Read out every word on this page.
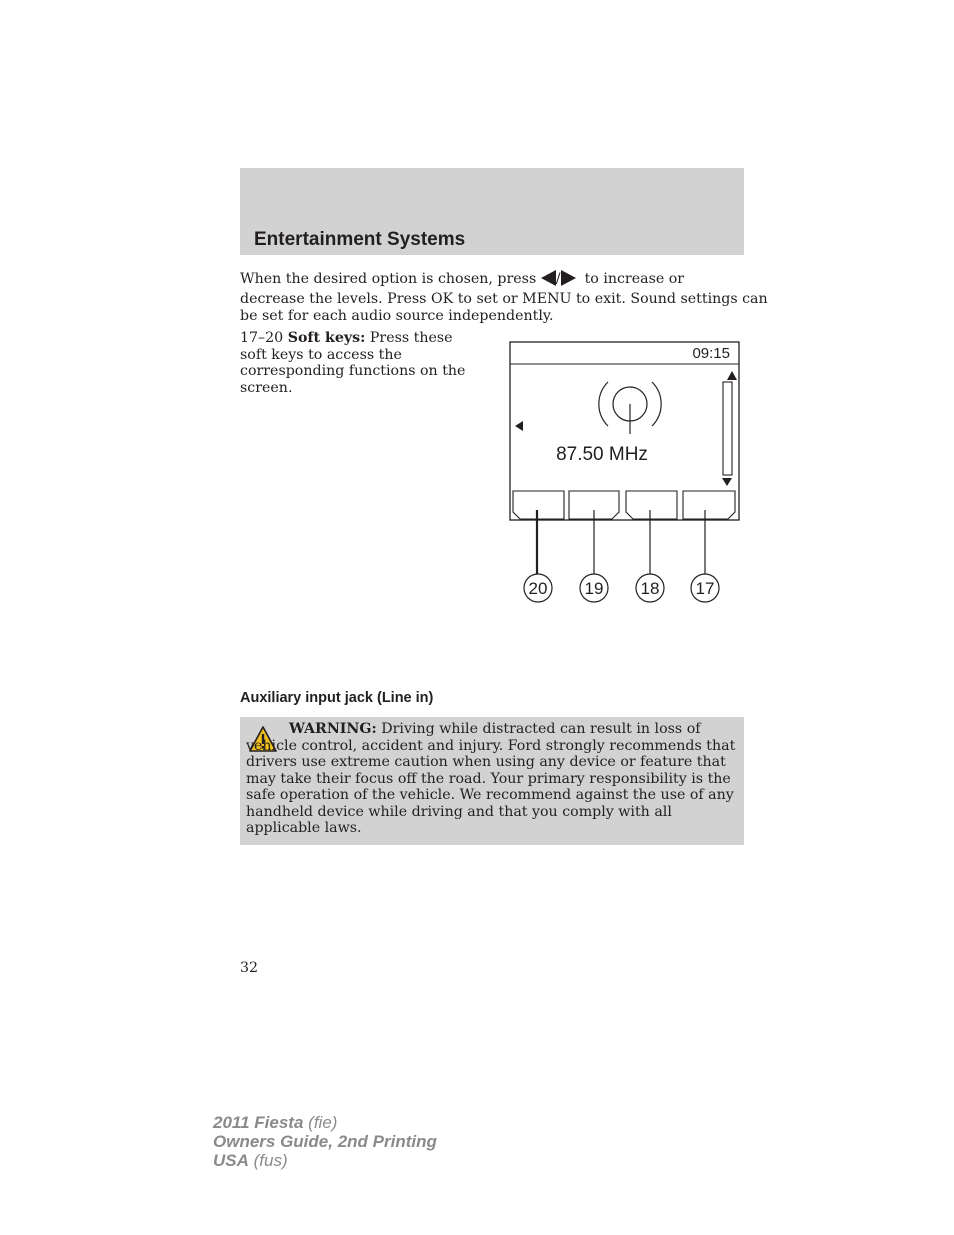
Entertainment Systems

When the desired option is chosen, press / to increase or

decrease the levels. Press OK to set or MENU to exit. Sound settings can

be set for each audio source independently.

17–20 Soft keys: Press these soft keys to access the corresponding functions on the screen.

09:15
87.50 MHz
20 19 18 17
Auxiliary input jack (Line in)

WARNING: Driving while distracted can result in loss of vehicle control, accident and injury. Ford strongly recommends that drivers use extreme caution when using any device or feature that may take their focus off the road. Your primary responsibility is the safe operation of the vehicle. We recommend against the use of any handheld device while driving and that you comply with all applicable laws.

32

2011 Fiesta (fie)
Owners Guide, 2nd Printing
USA (fus)
